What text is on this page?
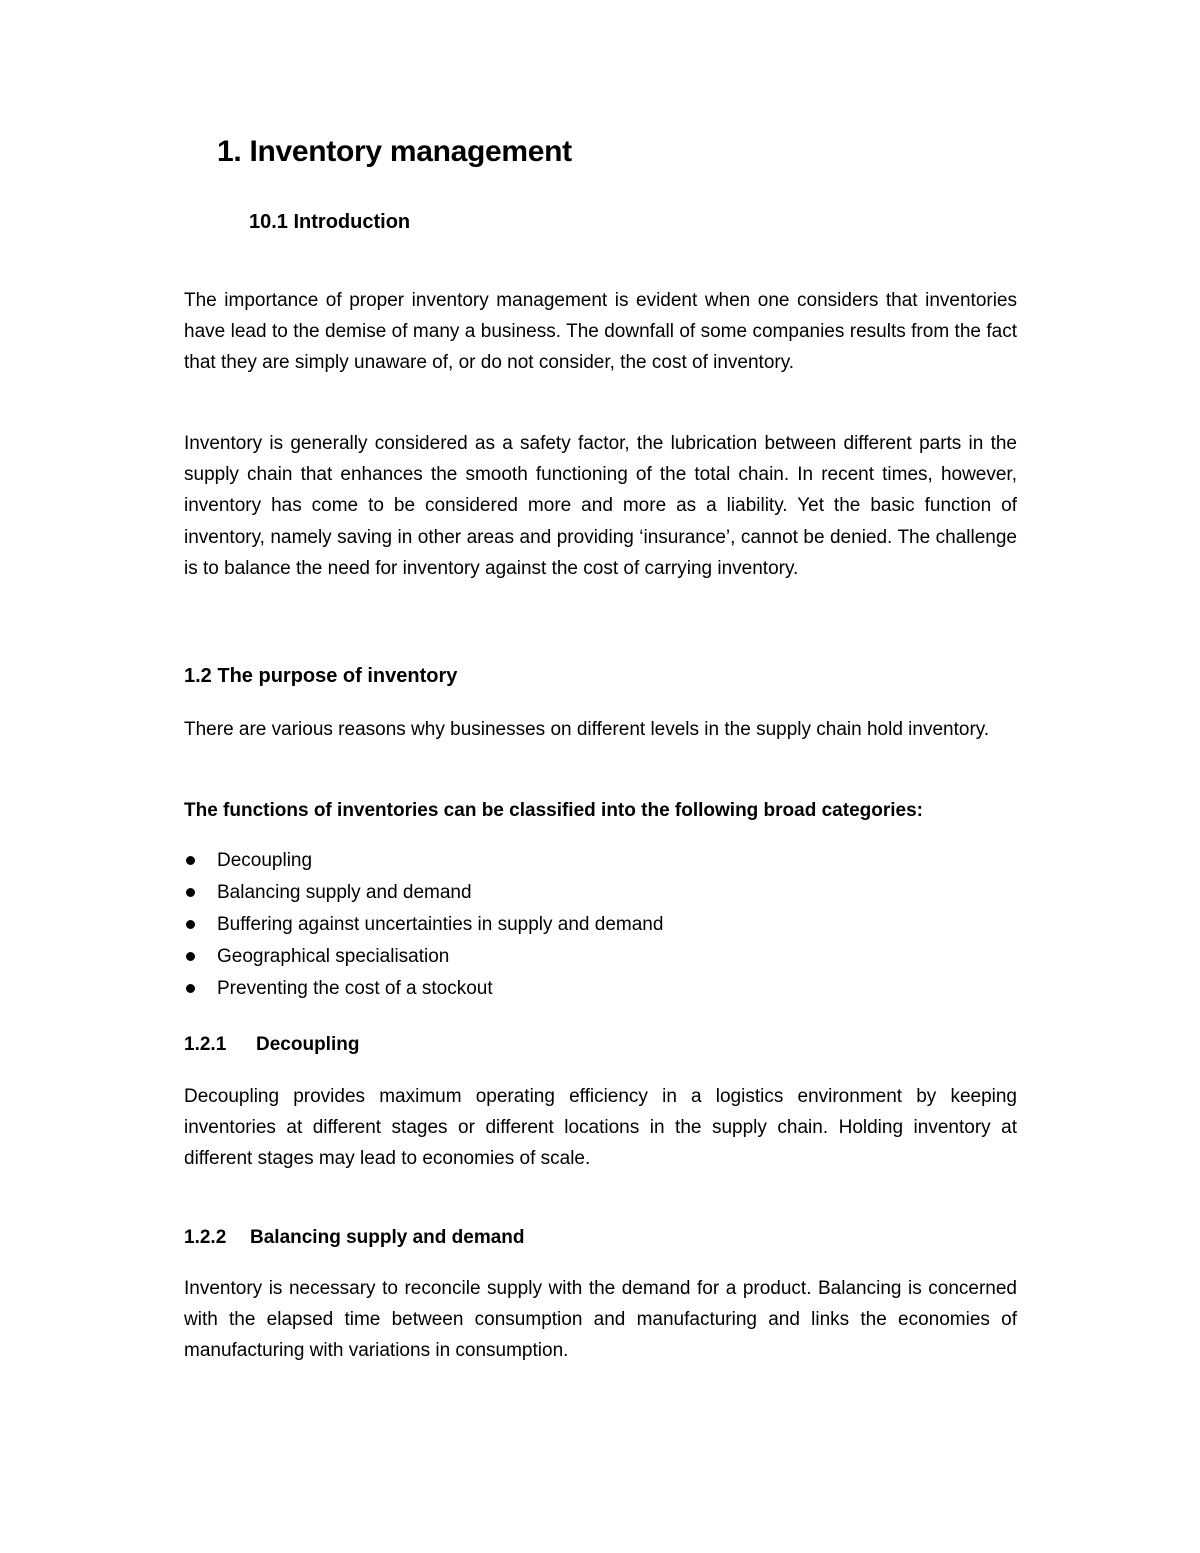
1. Inventory management
10.1 Introduction

The importance of proper inventory management is evident when one considers that inventories have lead to the demise of many a business. The downfall of some companies results from the fact that they are simply unaware of, or do not consider, the cost of inventory.

Inventory is generally considered as a safety factor, the lubrication between different parts in the supply chain that enhances the smooth functioning of the total chain. In recent times, however, inventory has come to be considered more and more as a liability. Yet the basic function of inventory, namely saving in other areas and providing ‘insurance’, cannot be denied. The challenge is to balance the need for inventory against the cost of carrying inventory.

1.2 The purpose of inventory

There are various reasons why businesses on different levels in the supply chain hold inventory.

The functions of inventories can be classified into the following broad categories:

Decoupling
Balancing supply and demand
Buffering against uncertainties in supply and demand
Geographical specialisation
Preventing the cost of a stockout
1.2.1 Decoupling

Decoupling provides maximum operating efficiency in a logistics environment by keeping inventories at different stages or different locations in the supply chain. Holding inventory at different stages may lead to economies of scale.

1.2.2 Balancing supply and demand

Inventory is necessary to reconcile supply with the demand for a product. Balancing is concerned with the elapsed time between consumption and manufacturing and links the economies of manufacturing with variations in consumption.
